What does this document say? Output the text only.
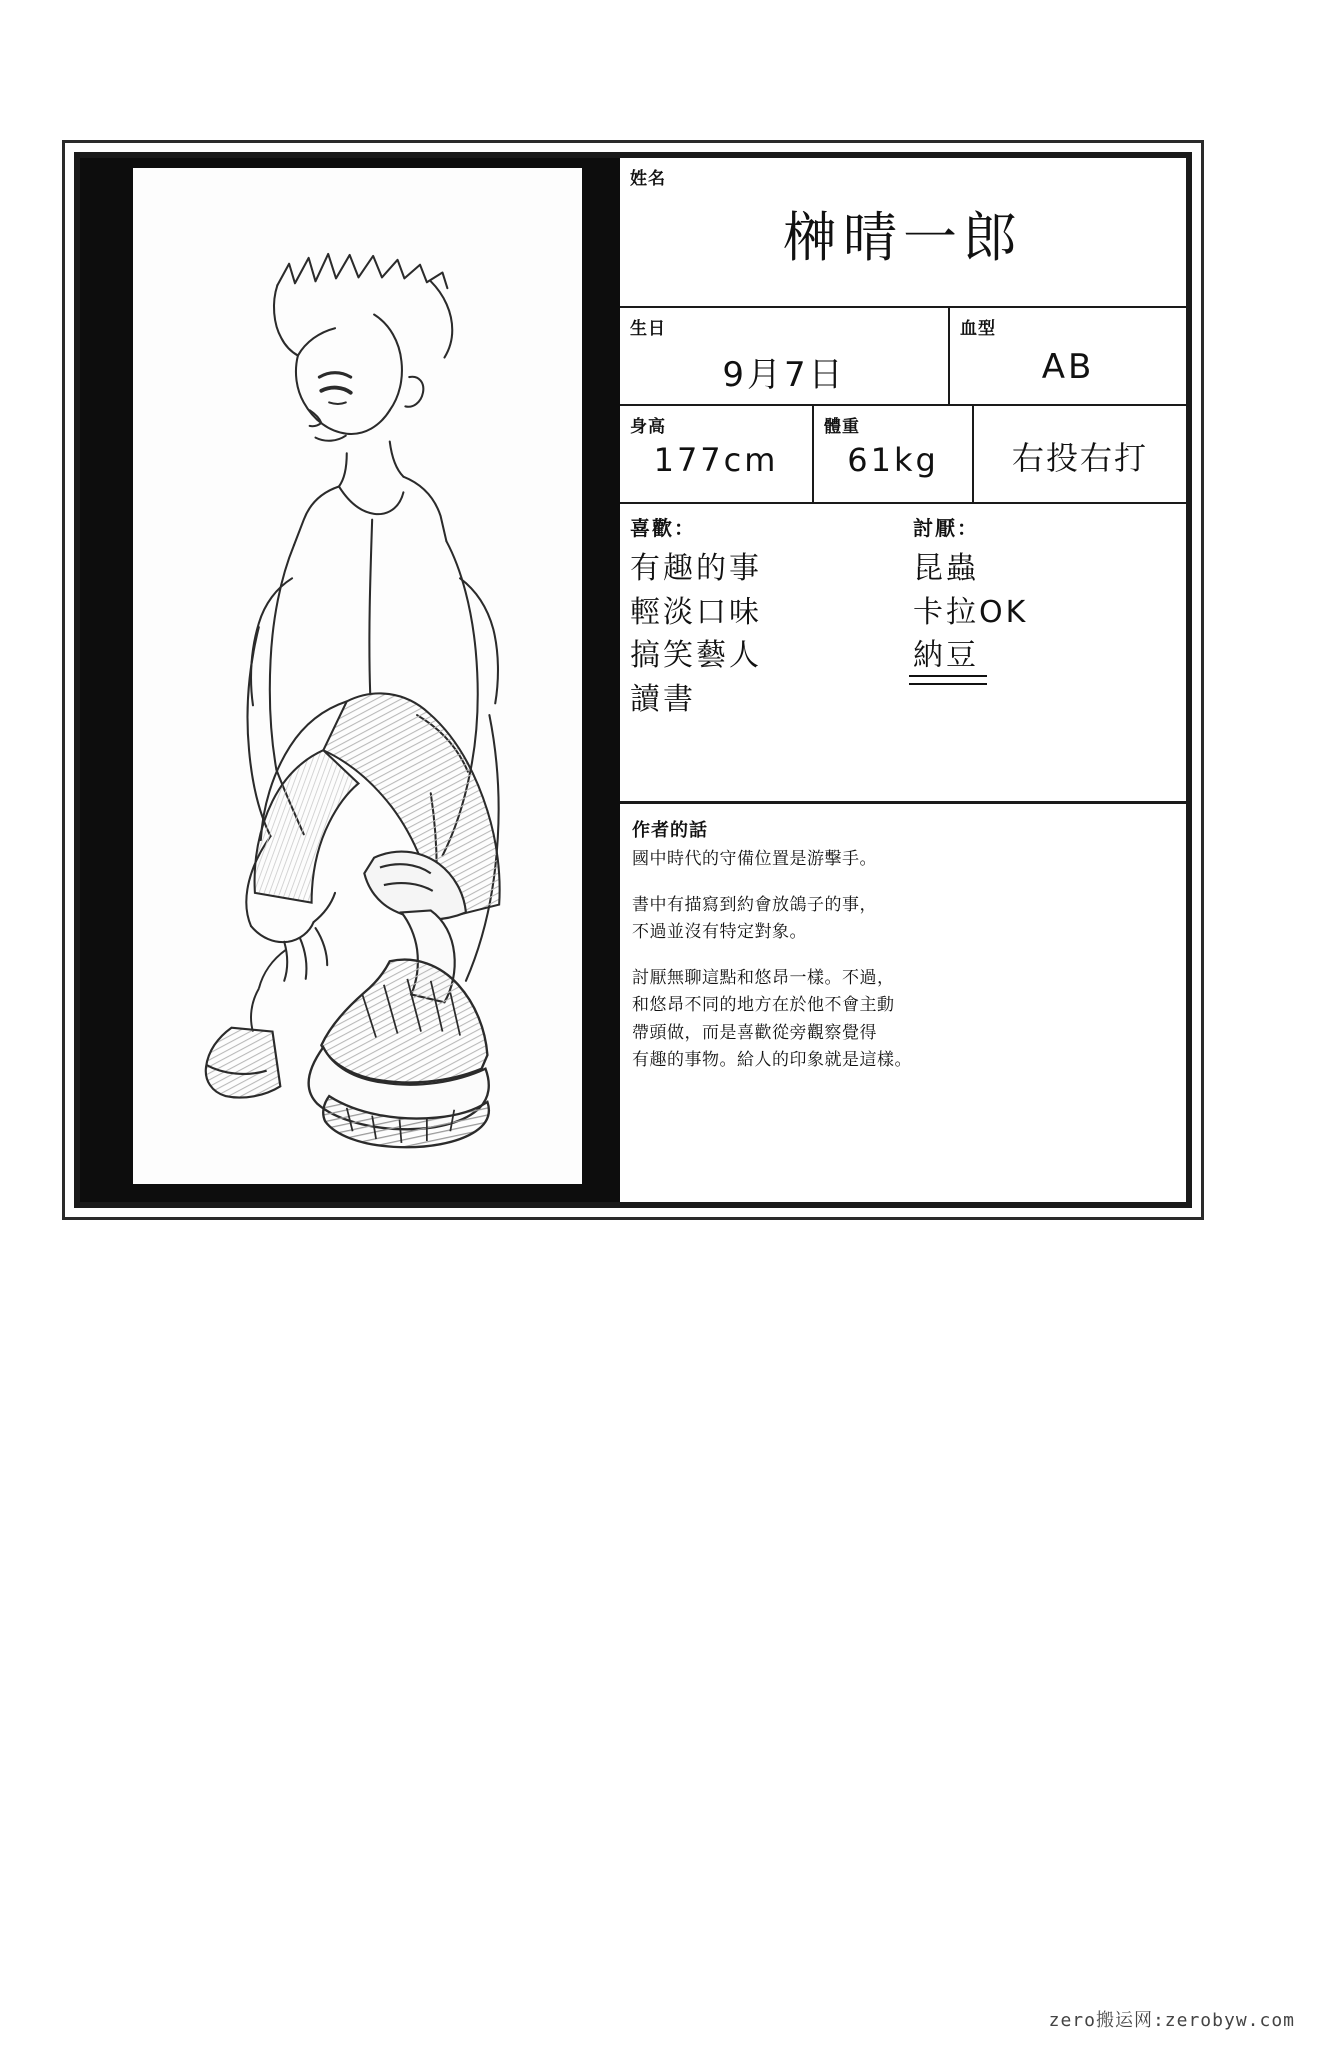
姓名
榊晴一郎
生日
9月7日
血型
AB
身高
177cm
體重
61kg	右投右打
喜歡：
有趣的事
輕淡口味
搞笑藝人
讀書
討厭：
昆蟲
卡拉OK
納豆
作者的話

國中時代的守備位置是游擊手。

書中有描寫到約會放鴿子的事，
不過並沒有特定對象。

討厭無聊這點和悠昂一樣。不過，
和悠昂不同的地方在於他不會主動
帶頭做，而是喜歡從旁觀察覺得
有趣的事物。給人的印象就是這樣。

zero搬运网:zerobyw.com
